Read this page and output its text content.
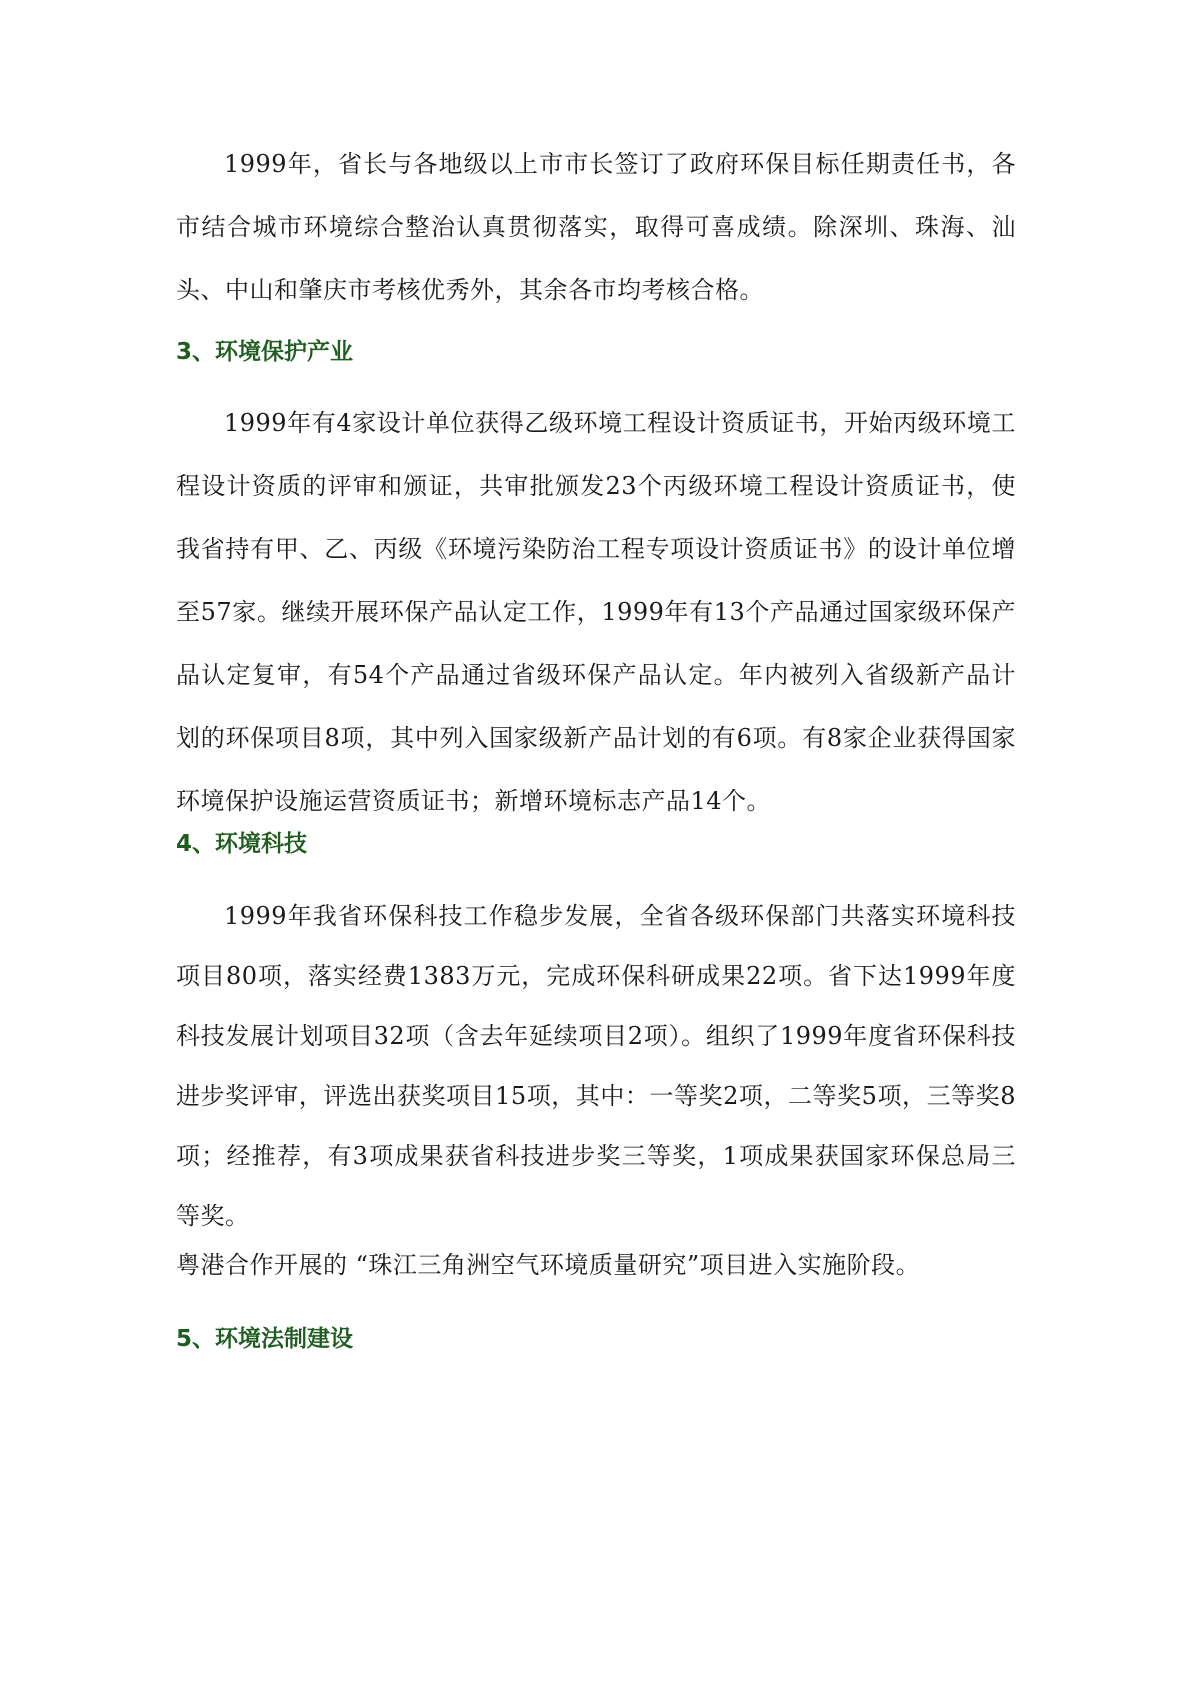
1999年，省长与各地级以上市市长签订了政府环保目标任期责任书，各市结合城市环境综合整治认真贯彻落实，取得可喜成绩。除深圳、珠海、汕头、中山和肇庆市考核优秀外，其余各市均考核合格。

3、环境保护产业

1999年有4家设计单位获得乙级环境工程设计资质证书，开始丙级环境工程设计资质的评审和颁证，共审批颁发23个丙级环境工程设计资质证书，使我省持有甲、乙、丙级《环境污染防治工程专项设计资质证书》的设计单位增至57家。继续开展环保产品认定工作，1999年有13个产品通过国家级环保产品认定复审，有54个产品通过省级环保产品认定。年内被列入省级新产品计划的环保项目8项，其中列入国家级新产品计划的有6项。有8家企业获得国家环境保护设施运营资质证书；新增环境标志产品14个。

4、环境科技

1999年我省环保科技工作稳步发展，全省各级环保部门共落实环境科技项目80项，落实经费1383万元，完成环保科研成果22项。省下达1999年度科技发展计划项目32项（含去年延续项目2项）。组织了1999年度省环保科技进步奖评审，评选出获奖项目15项，其中：一等奖2项，二等奖5项，三等奖8项；经推荐，有3项成果获省科技进步奖三等奖，1项成果获国家环保总局三等奖。

粤港合作开展的 “珠江三角洲空气环境质量研究”项目进入实施阶段。

5、环境法制建设
